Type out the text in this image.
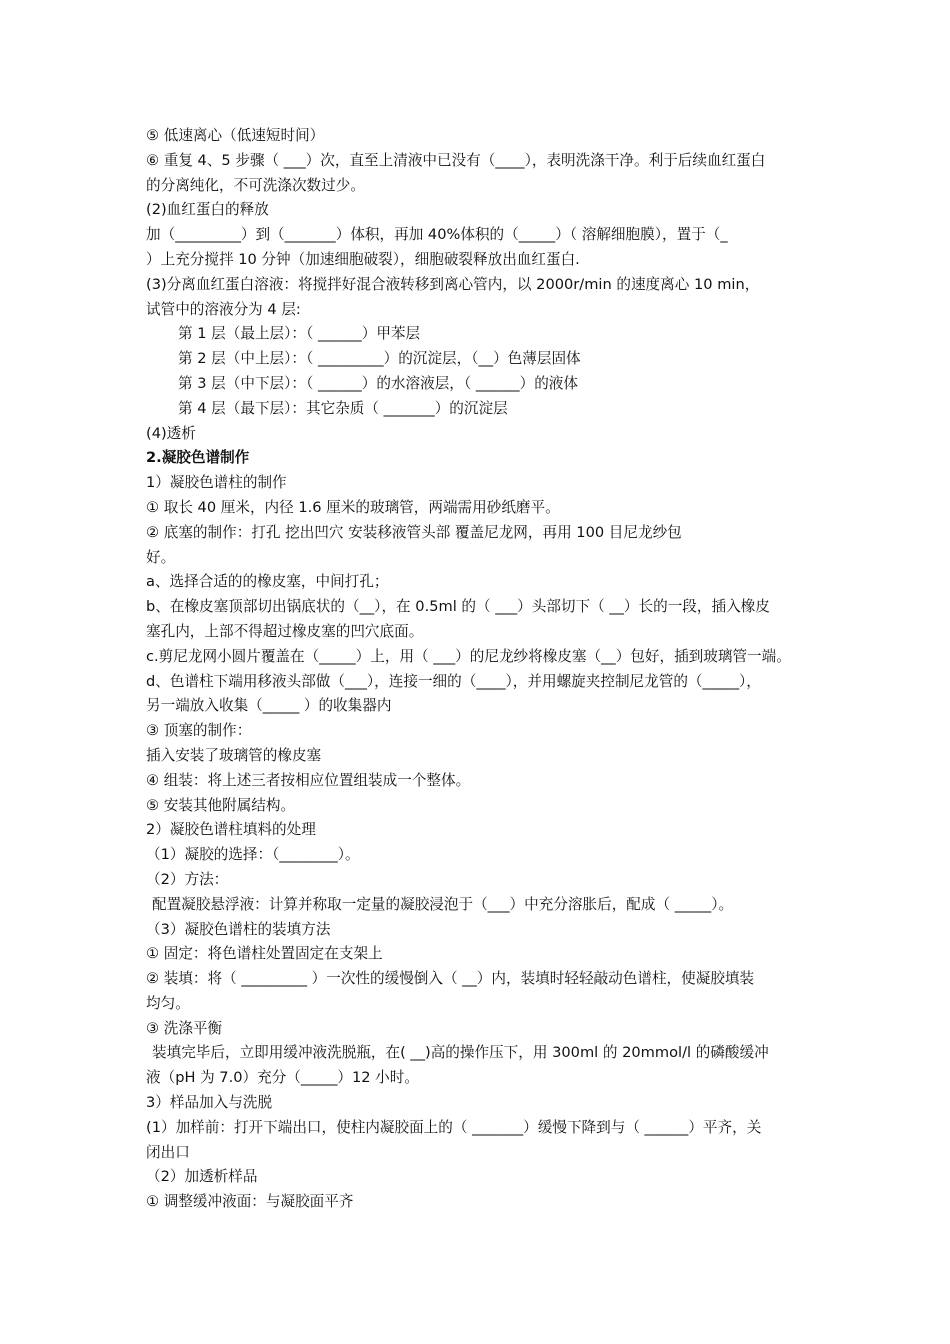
⑤ 低速离心（低速短时间）
⑥ 重复 4、5 步骤（ ___）次，直至上清液中已没有（____），表明洗涤干净。利于后续血红蛋白
的分离纯化，不可洗涤次数过少。
(2)血红蛋白的释放
加（_________）到（_______）体积，再加 40%体积的（_____）（ 溶解细胞膜），置于（_
）上充分搅拌 10 分钟（加速细胞破裂），细胞破裂释放出血红蛋白.
(3)分离血红蛋白溶液：将搅拌好混合液转移到离心管内，以 2000r/min 的速度离心 10 min，
试管中的溶液分为 4 层:
第 1 层（最上层）：（ ______）甲苯层
第 2 层（中上层）：（ _________）的沉淀层，（__）色薄层固体
第 3 层（中下层）：（ ______）的水溶液层，（ ______）的液体
第 4 层（最下层）：其它杂质（ _______）的沉淀层
(4)透析
2.凝胶色谱制作
1）凝胶色谱柱的制作
① 取长 40 厘米，内径 1.6 厘米的玻璃管，两端需用砂纸磨平。
② 底塞的制作：打孔 挖出凹穴 安装移液管头部 覆盖尼龙网，再用 100 目尼龙纱包
好。
a、选择合适的的橡皮塞，中间打孔；
b、在橡皮塞顶部切出锅底状的（__），在 0.5ml 的（ ___）头部切下（ __）长的一段，插入橡皮
塞孔内，上部不得超过橡皮塞的凹穴底面。
c.剪尼龙网小圆片覆盖在（_____）上，用（ ___）的尼龙纱将橡皮塞（__）包好，插到玻璃管一端。
d、色谱柱下端用移液头部做（___），连接一细的（____），并用螺旋夹控制尼龙管的（_____），
另一端放入收集（_____ ）的收集器内
③ 顶塞的制作：
插入安装了玻璃管的橡皮塞
④ 组装：将上述三者按相应位置组装成一个整体。
⑤ 安装其他附属结构。
2）凝胶色谱柱填料的处理
（1）凝胶的选择：（________）。
（2）方法：
配置凝胶悬浮液：计算并称取一定量的凝胶浸泡于（___）中充分溶胀后，配成（ _____）。
（3）凝胶色谱柱的装填方法
① 固定：将色谱柱处置固定在支架上
② 装填：将（ _________ ）一次性的缓慢倒入（ __）内，装填时轻轻敲动色谱柱，使凝胶填装
均匀。
③ 洗涤平衡
装填完毕后，立即用缓冲液洗脱瓶，在( __)高的操作压下，用 300ml 的 20mmol/l 的磷酸缓冲
液（pH 为 7.0）充分（_____）12 小时。
3）样品加入与洗脱
(1）加样前：打开下端出口，使柱内凝胶面上的（ _______）缓慢下降到与（ ______）平齐，关
闭出口
（2）加透析样品
① 调整缓冲液面：与凝胶面平齐
